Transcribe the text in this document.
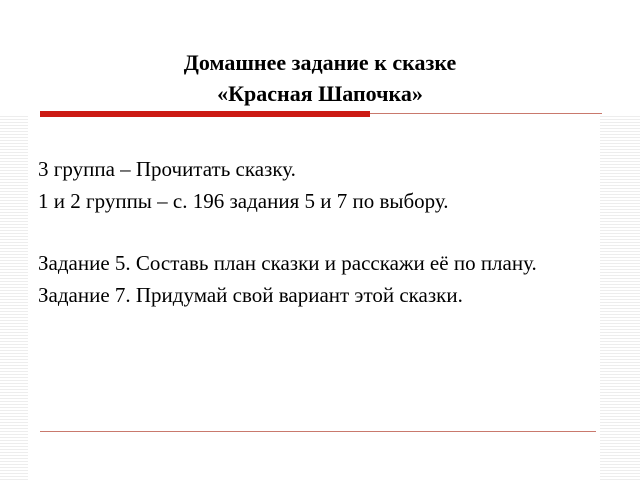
Домашнее задание к сказке
«Красная Шапочка»

3 группа – Прочитать сказку.

1 и 2 группы – с. 196 задания 5 и 7 по выбору.

Задание 5. Составь план сказки и расскажи её по плану.

Задание 7. Придумай свой вариант этой сказки.
